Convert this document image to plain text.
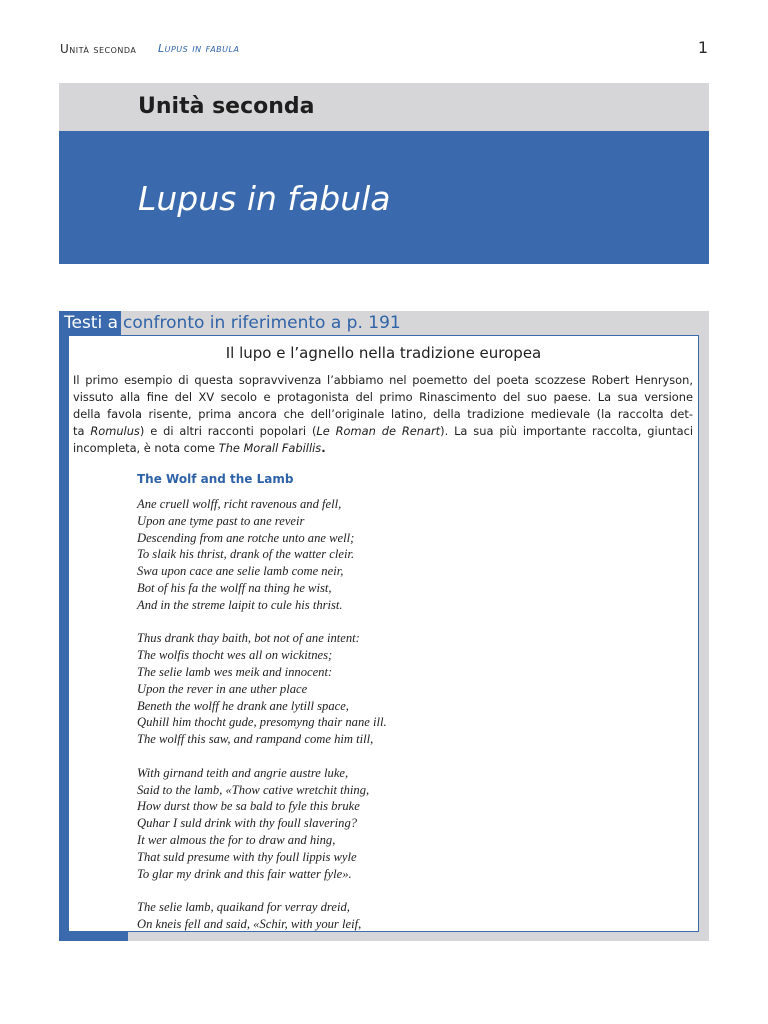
Unità seconda Lupus in fabula	1
Unità seconda
Lupus in fabula
Testi a confronto in riferimento a p. 191
Il lupo e l’agnello nella tradizione europea
Il primo esempio di questa sopravvivenza l’abbiamo nel poemetto del poeta scozzese Robert Henryson,
vissuto alla fine del XV secolo e protagonista del primo Rinascimento del suo paese. La sua versione
della favola risente, prima ancora che dell’originale latino, della tradizione medievale (la raccolta det-
ta Romulus) e di altri racconti popolari (Le Roman de Renart). La sua più importante raccolta, giuntaci
incompleta, è nota come The Morall Fabillis.
The Wolf and the Lamb
Ane cruell wolff, richt ravenous and fell,
Upon ane tyme past to ane reveir
Descending from ane rotche unto ane well;
To slaik his thrist, drank of the watter cleir.
Swa upon cace ane selie lamb come neir,
Bot of his fa the wolff na thing he wist,
And in the streme laipit to cule his thrist.
Thus drank thay baith, bot not of ane intent:
The wolfis thocht wes all on wickitnes;
The selie lamb wes meik and innocent:
Upon the rever in ane uther place
Beneth the wolff he drank ane lytill space,
Quhill him thocht gude, presomyng thair nane ill.
The wolff this saw, and rampand come him till,
With girnand teith and angrie austre luke,
Said to the lamb, «Thow cative wretchit thing,
How durst thow be sa bald to fyle this bruke
Quhar I suld drink with thy foull slavering?
It wer almous the for to draw and hing,
That suld presume with thy foull lippis wyle
To glar my drink and this fair watter fyle».
The selie lamb, quaikand for verray dreid,
On kneis fell and said, «Schir, with your leif,
